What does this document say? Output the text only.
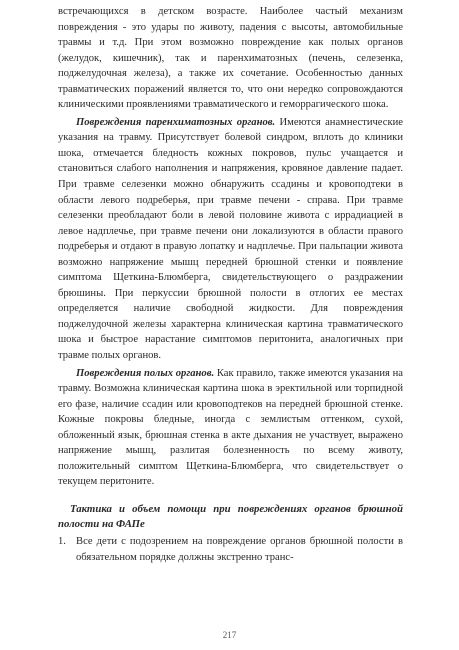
встречающихся в детском возрасте. Наиболее частый механизм повреждения - это удары по животу, падения с высоты, автомобильные травмы и т.д. При этом возможно повреждение как полых органов (желудок, кишечник), так и паренхиматозных (печень, селезенка, поджелудочная железа), а также их сочетание. Особенностью данных травматических поражений является то, что они нередко сопровождаются клиническими проявлениями травматического и геморрагического шока.

Повреждения паренхиматозных органов. Имеются анамнестические указания на травму. Присутствует болевой синдром, вплоть до клиники шока, отмечается бледность кожных покровов, пульс учащается и становиться слабого наполнения и напряжения, кровяное давление падает. При травме селезенки можно обнаружить ссадины и кровоподтеки в области левого подреберья, при травме печени - справа. При травме селезенки преобладают боли в левой половине живота с иррадиацией в левое надплечье, при травме печени они локализуются в области правого подреберья и отдают в правую лопатку и надплечье. При пальпации живота возможно напряжение мышц передней брюшной стенки и появление симптома Щеткина-Блюмберга, свидетельствующего о раздражении брюшины. При перкуссии брюшной полости в отлогих ее местах определяется наличие свободной жидкости. Для повреждения поджелудочной железы характерна клиническая картина травматического шока и быстрое нарастание симптомов перитонита, аналогичных при травме полых органов.

Повреждения полых органов. Как правило, также имеются указания на травму. Возможна клиническая картина шока в эректильной или торпидной его фазе, наличие ссадин или кровоподтеков на передней брюшной стенке. Кожные покровы бледные, иногда с землистым оттенком, сухой, обложенный язык, брюшная стенка в акте дыхания не участвует, выражено напряжение мышц, разлитая болезненность по всему животу, положительный симптом Щеткина-Блюмберга, что свидетельствует о текущем перитоните.

Тактика и объем помощи при повреждениях органов брюшной полости на ФАПе

1. Все дети с подозрением на повреждение органов брюшной полости в обязательном порядке должны экстренно транс-
217
